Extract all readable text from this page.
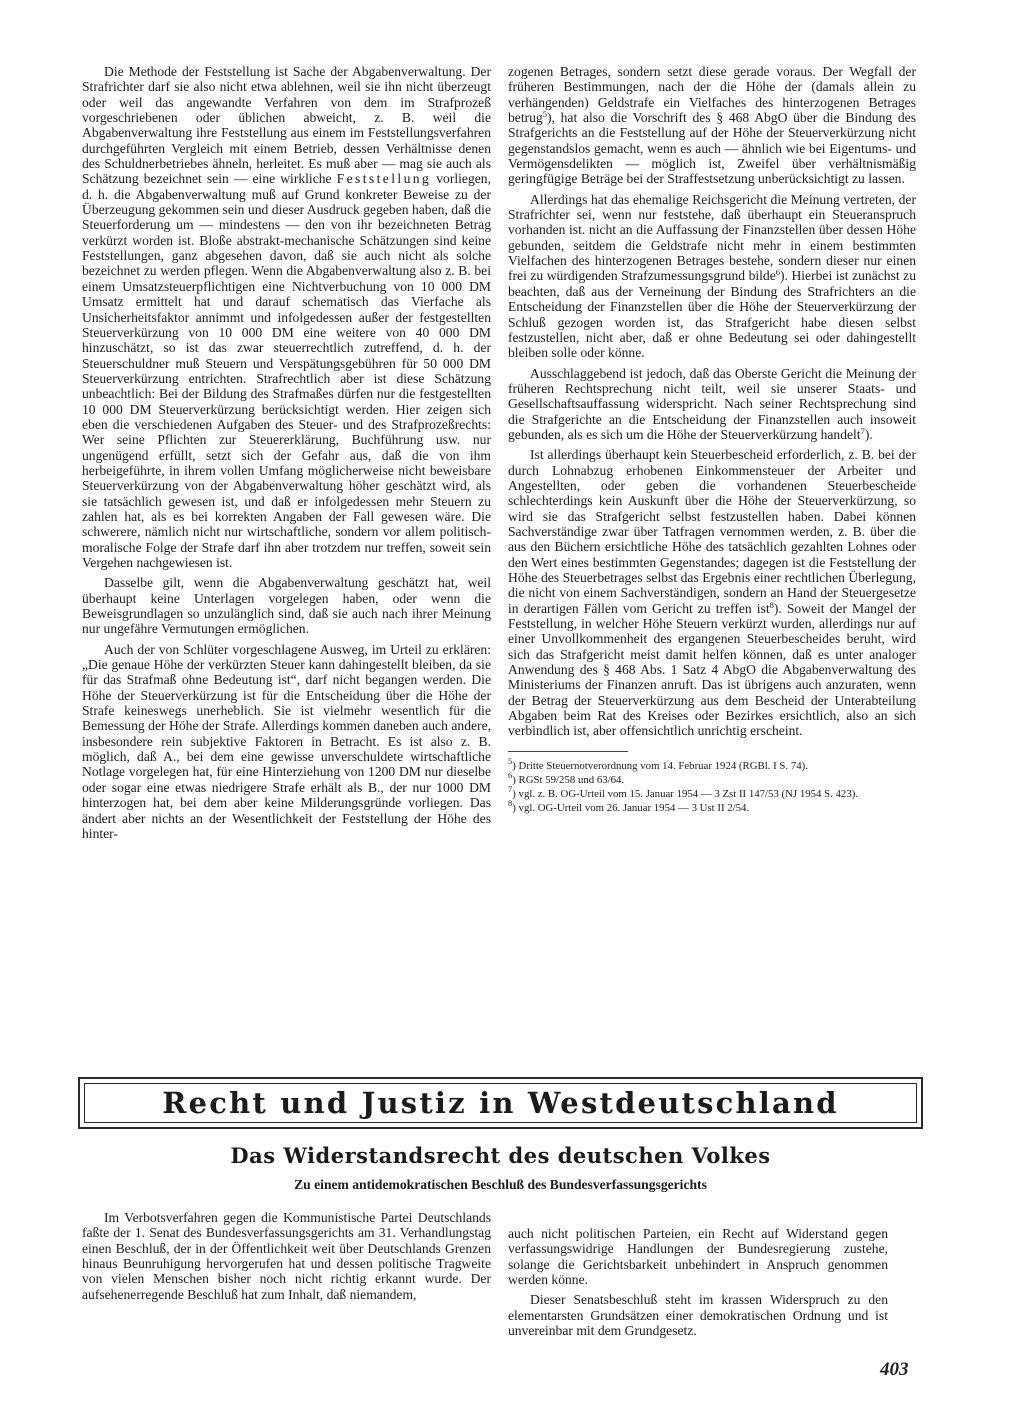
Die Methode der Feststellung ist Sache der Abgabenverwaltung. Der Strafrichter darf sie also nicht etwa ablehnen, weil sie ihn nicht überzeugt oder weil das angewandte Verfahren von dem im Strafprozeß vorgeschriebenen oder üblichen abweicht, z. B. weil die Abgabenverwaltung ihre Feststellung aus einem im Feststellungsverfahren durchgeführten Vergleich mit einem Betrieb, dessen Verhältnisse denen des Schuldnerbetriebes ähneln, herleitet. Es muß aber — mag sie auch als Schätzung bezeichnet sein — eine wirkliche Feststellung vorliegen, d. h. die Abgabenverwaltung muß auf Grund konkreter Beweise zu der Überzeugung gekommen sein und dieser Ausdruck gegeben haben, daß die Steuerforderung um — mindestens — den von ihr bezeichneten Betrag verkürzt worden ist. Bloße abstrakt-mechanische Schätzungen sind keine Feststellungen, ganz abgesehen davon, daß sie auch nicht als solche bezeichnet zu werden pflegen. Wenn die Abgabenverwaltung also z. B. bei einem Umsatzsteuerpflichtigen eine Nichtverbuchung von 10 000 DM Umsatz ermittelt hat und darauf schematisch das Vierfache als Unsicherheitsfaktor annimmt und infolgedessen außer der festgestellten Steuerverkürzung von 10 000 DM eine weitere von 40 000 DM hinzuschätzt, so ist das zwar steuerrechtlich zutreffend, d. h. der Steuerschuldner muß Steuern und Verspätungsgebühren für 50 000 DM Steuerverkürzung entrichten. Strafrechtlich aber ist diese Schätzung unbeachtlich: Bei der Bildung des Strafmaßes dürfen nur die festgestellten 10 000 DM Steuerverkürzung berücksichtigt werden. Hier zeigen sich eben die verschiedenen Aufgaben des Steuer- und des Strafprozeßrechts: Wer seine Pflichten zur Steuererklärung, Buchführung usw. nur ungenügend erfüllt, setzt sich der Gefahr aus, daß die von ihm herbeigeführte, in ihrem vollen Umfang möglicherweise nicht beweisbare Steuerverkürzung von der Abgabenverwaltung höher geschätzt wird, als sie tatsächlich gewesen ist, und daß er infolgedessen mehr Steuern zu zahlen hat, als es bei korrekten Angaben der Fall gewesen wäre. Die schwerere, nämlich nicht nur wirtschaftliche, sondern vor allem politisch-moralische Folge der Strafe darf ihn aber trotzdem nur treffen, soweit sein Vergehen nachgewiesen ist.

Dasselbe gilt, wenn die Abgabenverwaltung geschätzt hat, weil überhaupt keine Unterlagen vorgelegen haben, oder wenn die Beweisgrundlagen so unzulänglich sind, daß sie auch nach ihrer Meinung nur ungefähre Vermutungen ermöglichen.

Auch der von Schlüter vorgeschlagene Ausweg, im Urteil zu erklären: „Die genaue Höhe der verkürzten Steuer kann dahingestellt bleiben, da sie für das Strafmaß ohne Bedeutung ist“, darf nicht begangen werden. Die Höhe der Steuerverkürzung ist für die Entscheidung über die Höhe der Strafe keineswegs unerheblich. Sie ist vielmehr wesentlich für die Bemessung der Höhe der Strafe. Allerdings kommen daneben auch andere, insbesondere rein subjektive Faktoren in Betracht. Es ist also z. B. möglich, daß A., bei dem eine gewisse unverschuldete wirtschaftliche Notlage vorgelegen hat, für eine Hinterziehung von 1200 DM nur dieselbe oder sogar eine etwas niedrigere Strafe erhält als B., der nur 1000 DM hinterzogen hat, bei dem aber keine Milderungsgründe vorliegen. Das ändert aber nichts an der Wesentlichkeit der Feststellung der Höhe des hinter-

zogenen Betrages, sondern setzt diese gerade voraus. Der Wegfall der früheren Bestimmungen, nach der die Höhe der (damals allein zu verhängenden) Geldstrafe ein Vielfaches des hinterzogenen Betrages betrug$^5$), hat also die Vorschrift des § 468 AbgO über die Bindung des Strafgerichts an die Feststellung auf der Höhe der Steuerverkürzung nicht gegenstandslos gemacht, wenn es auch — ähnlich wie bei Eigentums- und Vermögensdelikten — möglich ist, Zweifel über verhältnismäßig geringfügige Beträge bei der Straffestsetzung unberücksichtigt zu lassen.

Allerdings hat das ehemalige Reichsgericht die Meinung vertreten, der Strafrichter sei, wenn nur feststehe, daß überhaupt ein Steueranspruch vorhanden ist. nicht an die Auffassung der Finanzstellen über dessen Höhe gebunden, seitdem die Geldstrafe nicht mehr in einem bestimmten Vielfachen des hinterzogenen Betrages bestehe, sondern dieser nur einen frei zu würdigenden Strafzumessungsgrund bilde$^6$). Hierbei ist zunächst zu beachten, daß aus der Verneinung der Bindung des Strafrichters an die Entscheidung der Finanzstellen über die Höhe der Steuerverkürzung der Schluß gezogen worden ist, das Strafgericht habe diesen selbst festzustellen, nicht aber, daß er ohne Bedeutung sei oder dahingestellt bleiben solle oder könne.

Ausschlaggebend ist jedoch, daß das Oberste Gericht die Meinung der früheren Rechtsprechung nicht teilt, weil sie unserer Staats- und Gesellschaftsauffassung widerspricht. Nach seiner Rechtsprechung sind die Strafgerichte an die Entscheidung der Finanzstellen auch insoweit gebunden, als es sich um die Höhe der Steuerverkürzung handelt$^7$).

Ist allerdings überhaupt kein Steuerbescheid erforderlich, z. B. bei der durch Lohnabzug erhobenen Einkommensteuer der Arbeiter und Angestellten, oder geben die vorhandenen Steuerbescheide schlechterdings kein Auskunft über die Höhe der Steuerverkürzung, so wird sie das Strafgericht selbst festzustellen haben. Dabei können Sachverständige zwar über Tatfragen vernommen werden, z. B. über die aus den Büchern ersichtliche Höhe des tatsächlich gezahlten Lohnes oder den Wert eines bestimmten Gegenstandes; dagegen ist die Feststellung der Höhe des Steuerbetrages selbst das Ergebnis einer rechtlichen Überlegung, die nicht von einem Sachverständigen, sondern an Hand der Steuergesetze in derartigen Fällen vom Gericht zu treffen ist$^8$). Soweit der Mangel der Feststellung, in welcher Höhe Steuern verkürzt wurden, allerdings nur auf einer Unvollkommenheit des ergangenen Steuerbescheides beruht, wird sich das Strafgericht meist damit helfen können, daß es unter analoger Anwendung des § 468 Abs. 1 Satz 4 AbgO die Abgabenverwaltung des Ministeriums der Finanzen anruft. Das ist übrigens auch anzuraten, wenn der Betrag der Steuerverkürzung aus dem Bescheid der Unterabteilung Abgaben beim Rat des Kreises oder Bezirkes ersichtlich, also an sich verbindlich ist, aber offensichtlich unrichtig erscheint.

$^5$) Dritte Steuernotverordnung vom 14. Februar 1924 (RGBl. I S. 74).
$^6$) RGSt 59/258 und 63/64.
$^7$) vgl. z. B. OG-Urteil vom 15. Januar 1954 — 3 Zst II 147/53 (NJ 1954 S. 423).
$^8$) vgl. OG-Urteil vom 26. Januar 1954 — 3 Ust II 2/54.
Recht und Justiz in Westdeutschland
Das Widerstandsrecht des deutschen Volkes
Zu einem antidemokratischen Beschluß des Bundesverfassungsgerichts

Im Verbotsverfahren gegen die Kommunistische Partei Deutschlands faßte der 1. Senat des Bundesverfassungsgerichts am 31. Verhandlungstag einen Beschluß, der in der Öffentlichkeit weit über Deutschlands Grenzen hinaus Beunruhigung hervorgerufen hat und dessen politische Tragweite von vielen Menschen bisher noch nicht richtig erkannt wurde. Der aufsehenerregende Beschluß hat zum Inhalt, daß niemandem,

auch nicht politischen Parteien, ein Recht auf Widerstand gegen verfassungswidrige Handlungen der Bundesregierung zustehe, solange die Gerichtsbarkeit unbehindert in Anspruch genommen werden könne.

Dieser Senatsbeschluß steht im krassen Widerspruch zu den elementarsten Grundsätzen einer demokratischen Ordnung und ist unvereinbar mit dem Grundgesetz.

403
